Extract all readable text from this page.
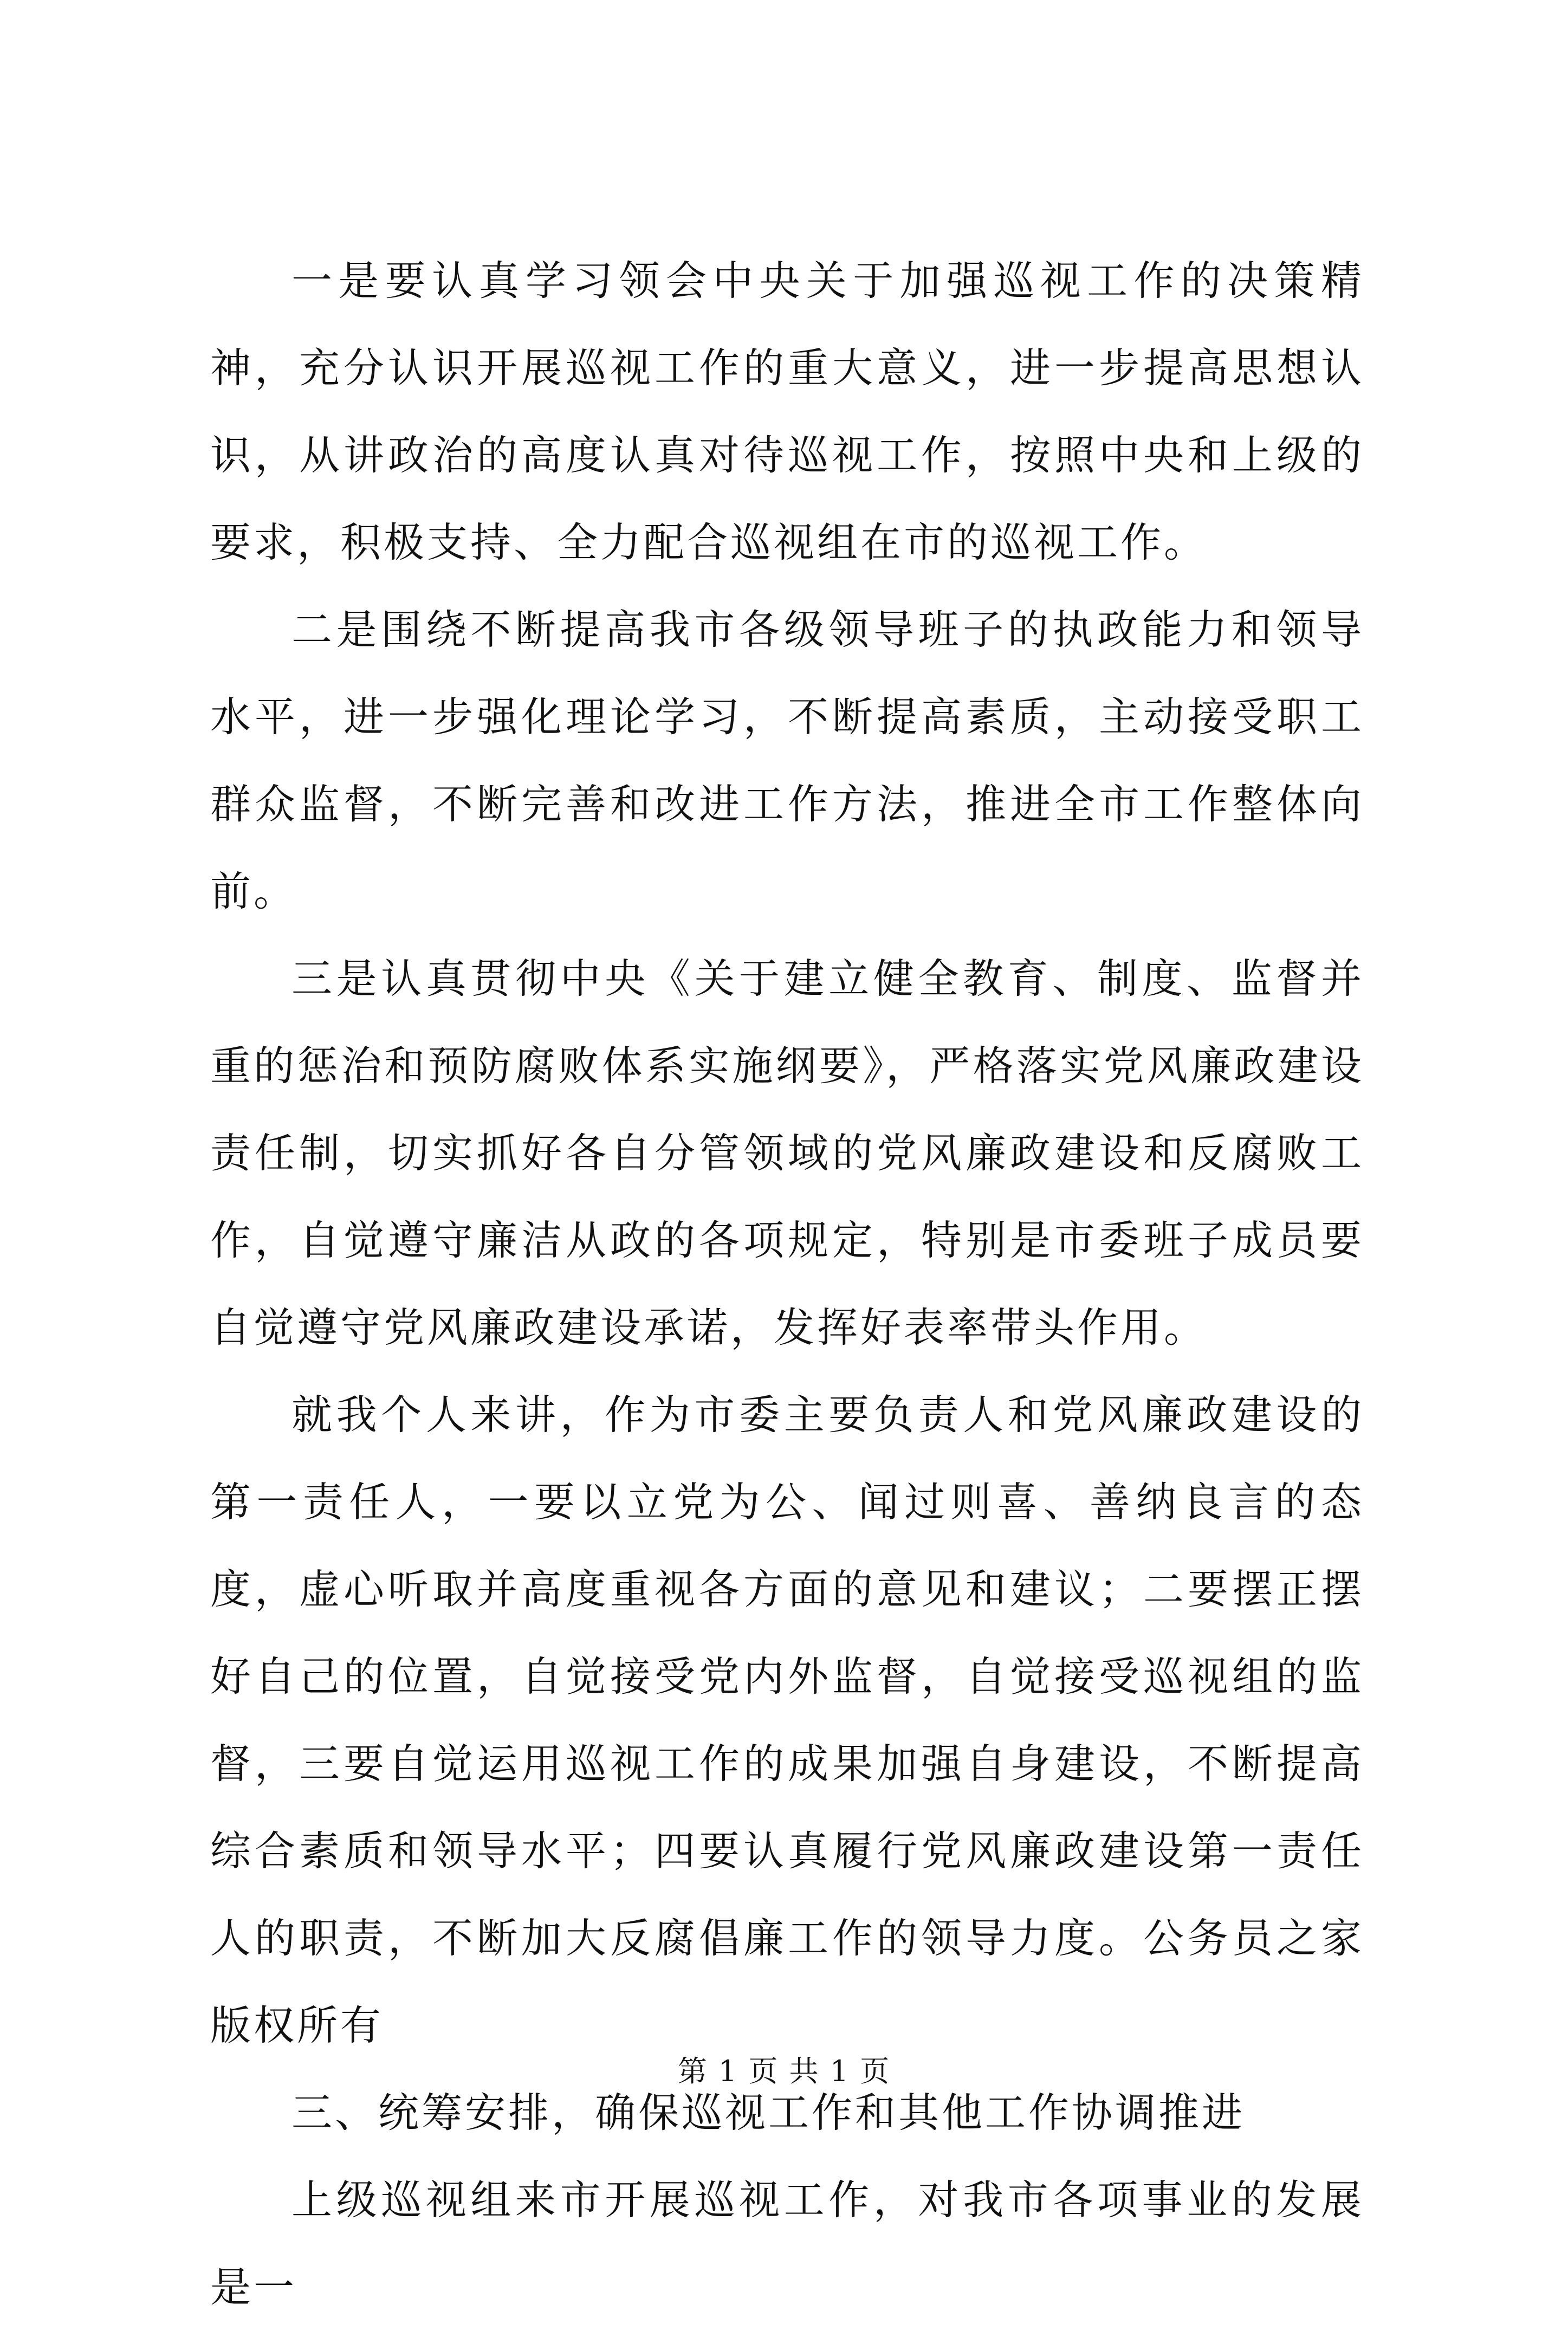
一是要认真学习领会中央关于加强巡视工作的决策精神，充分认识开展巡视工作的重大意义，进一步提高思想认识，从讲政治的高度认真对待巡视工作，按照中央和上级的要求，积极支持、全力配合巡视组在市的巡视工作。

二是围绕不断提高我市各级领导班子的执政能力和领导水平，进一步强化理论学习，不断提高素质，主动接受职工群众监督，不断完善和改进工作方法，推进全市工作整体向前。

三是认真贯彻中央《关于建立健全教育、制度、监督并重的惩治和预防腐败体系实施纲要》，严格落实党风廉政建设责任制，切实抓好各自分管领域的党风廉政建设和反腐败工作，自觉遵守廉洁从政的各项规定，特别是市委班子成员要自觉遵守党风廉政建设承诺，发挥好表率带头作用。

就我个人来讲，作为市委主要负责人和党风廉政建设的第一责任人，一要以立党为公、闻过则喜、善纳良言的态度，虚心听取并高度重视各方面的意见和建议；二要摆正摆好自己的位置，自觉接受党内外监督，自觉接受巡视组的监督，三要自觉运用巡视工作的成果加强自身建设，不断提高综合素质和领导水平；四要认真履行党风廉政建设第一责任人的职责，不断加大反腐倡廉工作的领导力度。公务员之家版权所有

三、统筹安排，确保巡视工作和其他工作协调推进

上级巡视组来市开展巡视工作，对我市各项事业的发展是一

第 1 页 共 1 页
